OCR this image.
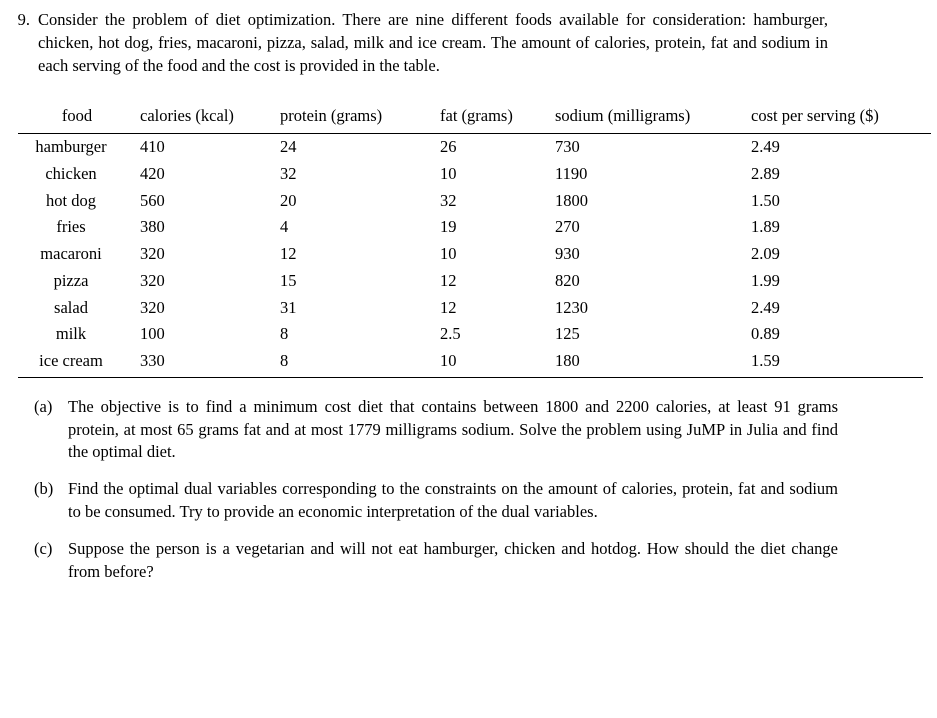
9. Consider the problem of diet optimization. There are nine different foods available for consideration: hamburger, chicken, hot dog, fries, macaroni, pizza, salad, milk and ice cream. The amount of calories, protein, fat and sodium in each serving of the food and the cost is provided in the table.

food	calories (kcal)	protein (grams)	fat (grams)	sodium (milligrams)	cost per serving ($)
hamburger	410	24	26	730	2.49
chicken	420	32	10	1190	2.89
hot dog	560	20	32	1800	1.50
fries	380	4	19	270	1.89
macaroni	320	12	10	930	2.09
pizza	320	15	12	820	1.99
salad	320	31	12	1230	2.49
milk	100	8	2.5	125	0.89
ice cream	330	8	10	180	1.59
(a) The objective is to find a minimum cost diet that contains between 1800 and 2200 calories, at least 91 grams protein, at most 65 grams fat and at most 1779 milligrams sodium. Solve the problem using JuMP in Julia and find the optimal diet.

(b) Find the optimal dual variables corresponding to the constraints on the amount of calories, protein, fat and sodium to be consumed. Try to provide an economic interpretation of the dual variables.

(c) Suppose the person is a vegetarian and will not eat hamburger, chicken and hotdog. How should the diet change from before?
